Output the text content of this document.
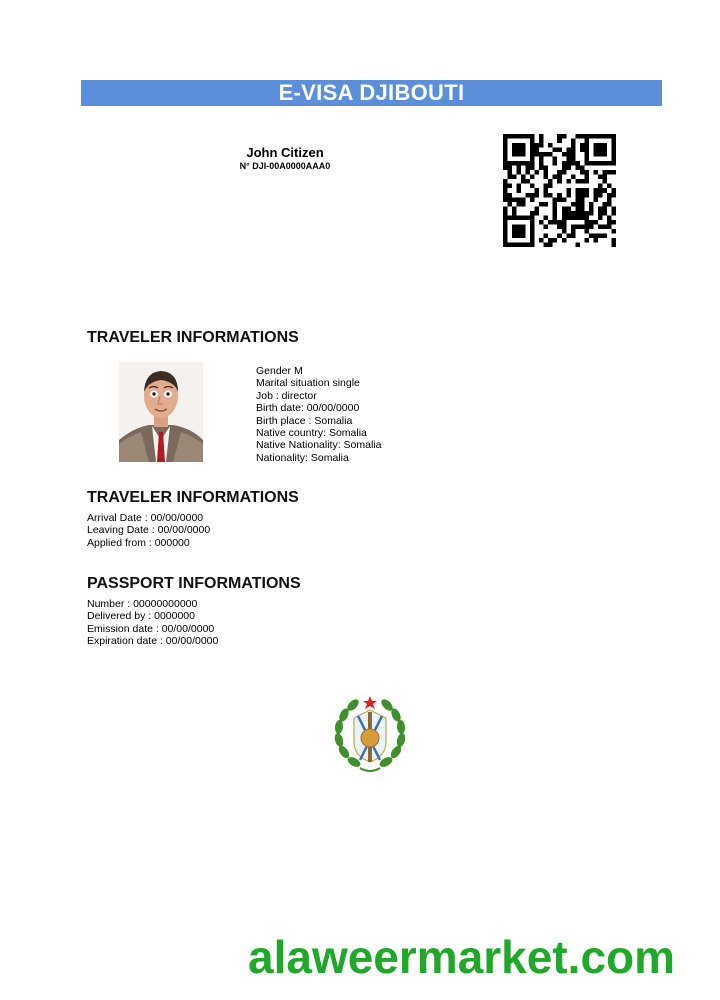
E-VISA DJIBOUTI
John Citizen
N° DJI-00A0000AAA0
TRAVELER INFORMATIONS
Gender M
Marital situation single
Job : director
Birth date: 00/00/0000
Birth place : Somalia
Native country: Somalia
Native Nationality: Somalia
Nationality: Somalia
TRAVELER INFORMATIONS
Arrival Date : 00/00/0000
Leaving Date : 00/00/0000
Applied from : 000000
PASSPORT INFORMATIONS
Number : 00000000000
Delivered by : 0000000
Emission date : 00/00/0000
Expiration date : 00/00/0000
alaweermarket.com
